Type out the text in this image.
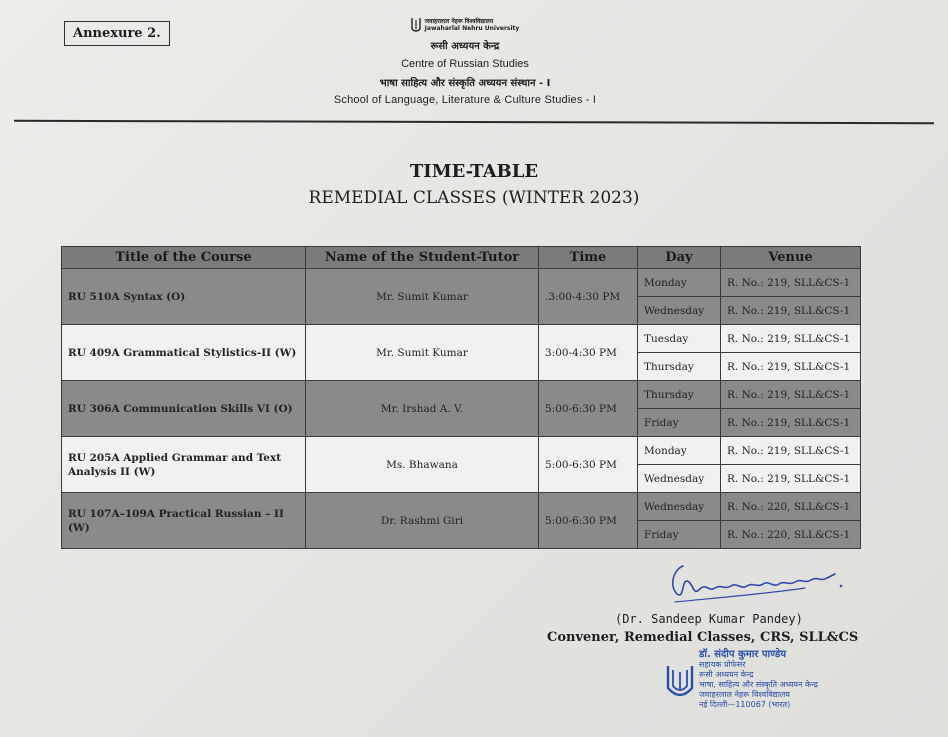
Annexure 2.
जवाहरलाल नेहरू विश्वविद्यालय
Jawaharlal Nehru University
रूसी अध्ययन केन्द्र
Centre of Russian Studies
भाषा साहित्य और संस्कृति अध्ययन संस्थान - I
School of Language, Literature & Culture Studies - I
TIME-TABLE
REMEDIAL CLASSES (WINTER 2023)
Title of the Course	Name of the Student-Tutor	Time	Day	Venue
RU 510A Syntax (O)	Mr. Sumit Kumar	.3:00-4:30 PM	Monday	R. No.: 219, SLL&CS-1
			Wednesday	R. No.: 219, SLL&CS-1
RU 409A Grammatical Stylistics-II (W)	Mr. Sumit Kumar	3:00-4:30 PM	Tuesday	R. No.: 219, SLL&CS-1
			Thursday	R. No.: 219, SLL&CS-1
RU 306A Communication Skills VI (O)	Mr. Irshad A. V.	5:00-6:30 PM	Thursday	R. No.: 219, SLL&CS-1
			Friday	R. No.: 219, SLL&CS-1
RU 205A Applied Grammar and Text Analysis II (W)	Ms. Bhawana	5:00-6:30 PM	Monday	R. No.: 219, SLL&CS-1
			Wednesday	R. No.: 219, SLL&CS-1
RU 107A–109A Practical Russian – II (W)	Dr. Rashmi Giri	5:00-6:30 PM	Wednesday	R. No.: 220, SLL&CS-1
			Friday	R. No.: 220, SLL&CS-1
(Dr. Sandeep Kumar Pandey)
Convener, Remedial Classes, CRS, SLL&CS
डॉ. संदीप कुमार पाण्डेय
सहायक प्रोफेसर
रूसी अध्ययन केन्द्र
भाषा, साहित्य और संस्कृति अध्ययन केन्द्र
जवाहरलाल नेहरू विश्वविद्यालय
नई दिल्ली—110067 (भारत)
